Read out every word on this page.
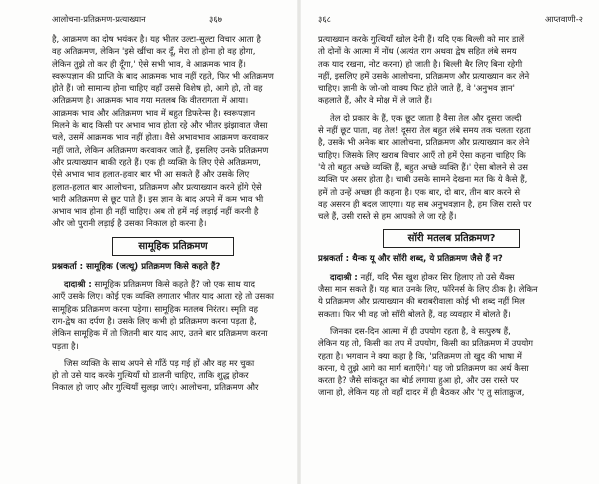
आलोचना-प्रतिक्रमण-प्रत्याख्यान	३६७
है, आक्रमण का दोष भयंकर है। यह भीतर उल्टा-सुल्टा विचार आता है
वह अतिक्रमण, लेकिन 'इसे खींचा कर दूँ, मेरा तो होना हो वह होगा,
लेकिन तुझे तो कर ही दूँगा,' ऐसे सभी भाव, वे आक्रमक भाव हैं।
स्वरूपज्ञान की प्राप्ति के बाद आक्रमक भाव नहीं रहते, फिर भी अतिक्रमण
होते हैं। जो सामान्य होना चाहिए वहाँ उससे विशेष हो, आगे हो, तो वह
अतिक्रमण है। आक्रमक भाव गया मतलब कि वीतरागता में आया।
आक्रमक भाव और अतिक्रमण भाव में बहुत डिफरेन्स है। स्वरूपज्ञान
मिलने के बाद किसी पर अभाव भाव होता रहे और भीतर झंझावात जैसा
चले, उसमें आक्रमक भाव नहीं होता। वैसे अभावभाव आक्रमण करवाकर
नहीं जाते, लेकिन अतिक्रमण करवाकर जाते हैं, इसलिए उनके प्रतिक्रमण
और प्रत्याख्यान बाकी रहते हैं। एक ही व्यक्ति के लिए ऐसे अतिक्रमण,
ऐसे अभाव भाव हलात-हवार बार भी आ सकते हैं और उसके लिए
हलात-हलात बार आलोचना, प्रतिक्रमण और प्रत्याख्यान करने होंगे ऐसे
भारी अतिक्रमण से छूट पाते हैं। इस ज्ञान के बाद अपने में कम भाव भी
अभाव भाव होना ही नहीं चाहिए। अब तो हमें नई लड़ाई नहीं करनी है
और जो पुरानी लड़ाई है उसका निकाल हो करना है।
सामूहिक प्रतिक्रमण
प्रश्नकर्ता : सामूहिक (जत्थू) प्रतिक्रमण किसे कहते हैं?
दादाश्री : सामूहिक प्रतिक्रमण किसे कहते हैं? जो एक साथ याद
आएँ उसके लिए। कोई एक व्यक्ति लगातार भीतर याद आता रहे तो उसका
सामूहिक प्रतिक्रमण करना पड़ेगा। सामूहिक मतलब निरंतर। स्मृति वह
राग-द्वेष का दर्पण है। उसके लिए कभी हो प्रतिक्रमण करना पड़ता है,
लेकिन सामूहिक में तो जितनी बार याद आए, उतने बार प्रतिक्रमण करना
पड़ता है।
जिस व्यक्ति के साथ अपने से गाँठें पड़ गई हों और वह मर चुका
हो तो उसे याद करके गुत्थियाँ धो डालनी चाहिए, ताकि शुद्ध होकर
निकाल हो जाए और गुत्थियाँ सुलझ जाएं। आलोचना, प्रतिक्रमण और
३६८	आप्तवाणी-२
प्रत्याख्यान करके गुत्थियाँ खोल देनी हैं। यदि एक बिल्ली को मार डालें
तो दोनों के आत्मा में नोंध (अत्यंत राग अथवा द्वेष सहित लंबे समय
तक याद रखना, नोट करना) हो जाती है। बिल्ली बैर लिए बिना रहेगी
नहीं, इसलिए हमें उसके आलोचना, प्रतिक्रमण और प्रत्याख्यान कर लेने
चाहिए। ज्ञानी के जो-जो वाक्य फिट होते जाते हैं, वे 'अनुभव ज्ञान'
कहलाते हैं, और वे मोक्ष में ले जाते हैं।
तेल दो प्रकार के हैं, एक छूट जाता है वैसा तेल और दूसरा जल्दी
से नहीं छूट पाता, वह तेल! दूसरा तेल बहुत लंबे समय तक चलता रहता
है, उसके भी अनेक बार आलोचना, प्रतिक्रमण और प्रत्याख्यान कर लेने
चाहिए। जिसके लिए खराब विचार आएँ तो हमें ऐसा कहना चाहिए कि
'ये तो बहुत अच्छे व्यक्ति हैं, बहुत अच्छे व्यक्ति हैं।' ऐसा बोलने से उस
व्यक्ति पर असर होता है। चाबी उसके सामने देखना मत कि ये कैसे हैं,
हमें तो उन्हें अच्छा ही कहना है। एक बार, दो बार, तीन बार करने से
वह असरन ही बदल जाएगा। यह सब अनुभवज्ञान है, हम जिस रास्ते पर
चले हैं, उसी रास्ते से हम आपको ले जा रहे हैं।
सॉरी मतलब प्रतिक्रमण?
प्रश्नकर्ता : थैन्क यू और सॉरी शब्द, ये प्रतिक्रमण जैसे हैं न?
दादाश्री : नहीं, यदि भैंस खुश होकर सिर हिलाए तो उसे थैंक्स
जैसा मान सकते हैं। यह बात उनके लिए, फॉरेनर्स के लिए ठीक है। लेकिन
ये प्रतिक्रमण और प्रत्याख्यान की बराबरीवाला कोई भी शब्द नहीं मिल
सकता। फिर भी वह जो सॉरी बोलते हैं, वह व्यवहार में बोलते हैं।
जिनका दस-दिन आत्मा में ही उपयोग रहता है, वे सत्पुरुष हैं,
लेकिन यह तो, किसी का तप में उपयोग, किसी का प्रतिक्रमण में उपयोग
रहता है। भगवान ने क्या कहा है कि, 'प्रतिक्रमण तो खुद की भाषा में
करना, ये तुझे आगे का मार्ग बताएँगे।' यह जो प्रतिक्रमण का अर्थ कैसा
करता है? जैसे सांकदूत का बोर्ड लगाया हुआ हो, और उस रास्ते पर
जाना हो, लेकिन यह तो वहाँ दादर में ही बैठकर और 'ए तु सांताक्रुज,
